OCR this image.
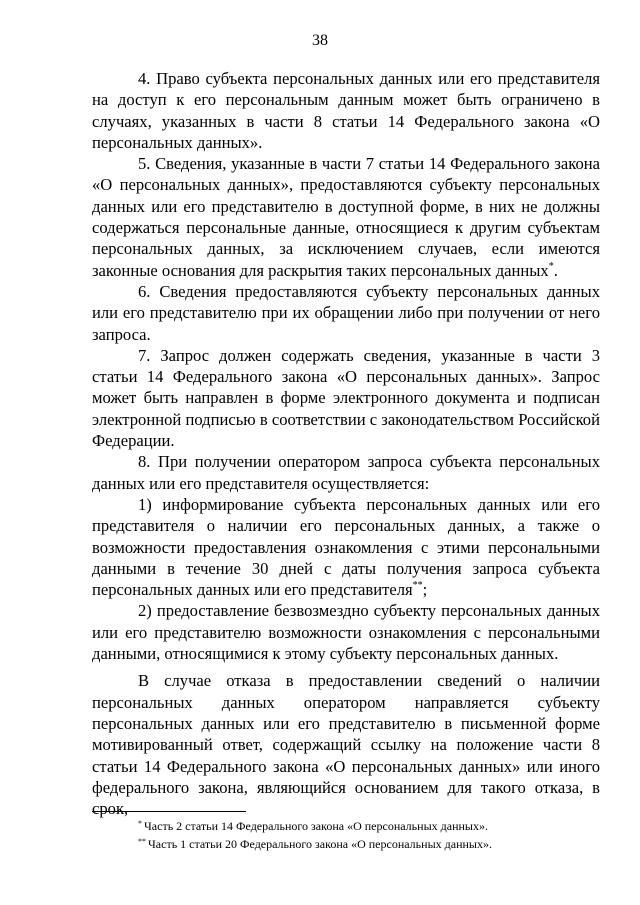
38

4. Право субъекта персональных данных или его представителя на доступ к его персональным данным может быть ограничено в случаях, указанных в части 8 статьи 14 Федерального закона «О персональных данных».

5. Сведения, указанные в части 7 статьи 14 Федерального закона «О персональных данных», предоставляются субъекту персональных данных или его представителю в доступной форме, в них не должны содержаться персональные данные, относящиеся к другим субъектам персональных данных, за исключением случаев, если имеются законные основания для раскрытия таких персональных данных*.

6. Сведения предоставляются субъекту персональных данных или его представителю при их обращении либо при получении от него запроса.

7. Запрос должен содержать сведения, указанные в части 3 статьи 14 Федерального закона «О персональных данных». Запрос может быть направлен в форме электронного документа и подписан электронной подписью в соответствии с законодательством Российской Федерации.

8. При получении оператором запроса субъекта персональных данных или его представителя осуществляется:

1) информирование субъекта персональных данных или его представителя о наличии его персональных данных, а также о возможности предоставления ознакомления с этими персональными данными в течение 30 дней с даты получения запроса субъекта персональных данных или его представителя**;

2) предоставление безвозмездно субъекту персональных данных или его представителю возможности ознакомления с персональными данными, относящимися к этому субъекту персональных данных.

В случае отказа в предоставлении сведений о наличии персональных данных оператором направляется субъекту персональных данных или его представителю в письменной форме мотивированный ответ, содержащий ссылку на положение части 8 статьи 14 Федерального закона «О персональных данных» или иного федерального закона, являющийся основанием для такого отказа, в срок,

* Часть 2 статьи 14 Федерального закона «О персональных данных».
** Часть 1 статьи 20 Федерального закона «О персональных данных».
